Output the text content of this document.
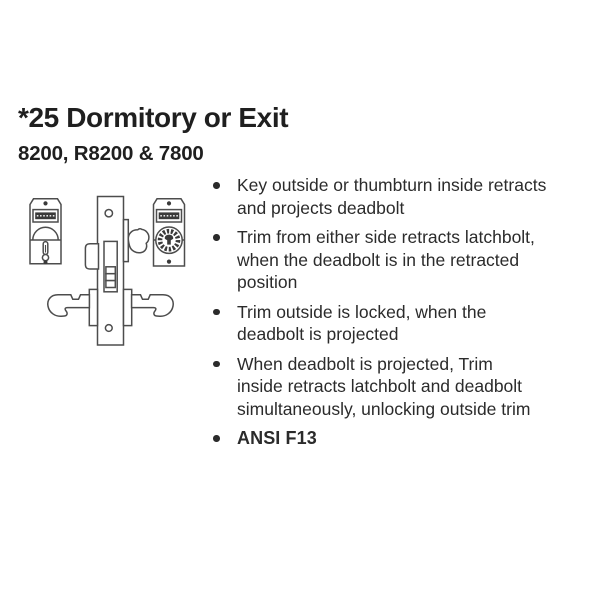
*25 Dormitory or Exit
8200, R8200 & 7800
Key outside or thumbturn inside retracts
and projects deadbolt
Trim from either side retracts latchbolt,
when the deadbolt is in the retracted
position
Trim outside is locked, when the
deadbolt is projected
When deadbolt is projected, Trim
inside retracts latchbolt and deadbolt
simultaneously, unlocking outside trim
ANSI F13
